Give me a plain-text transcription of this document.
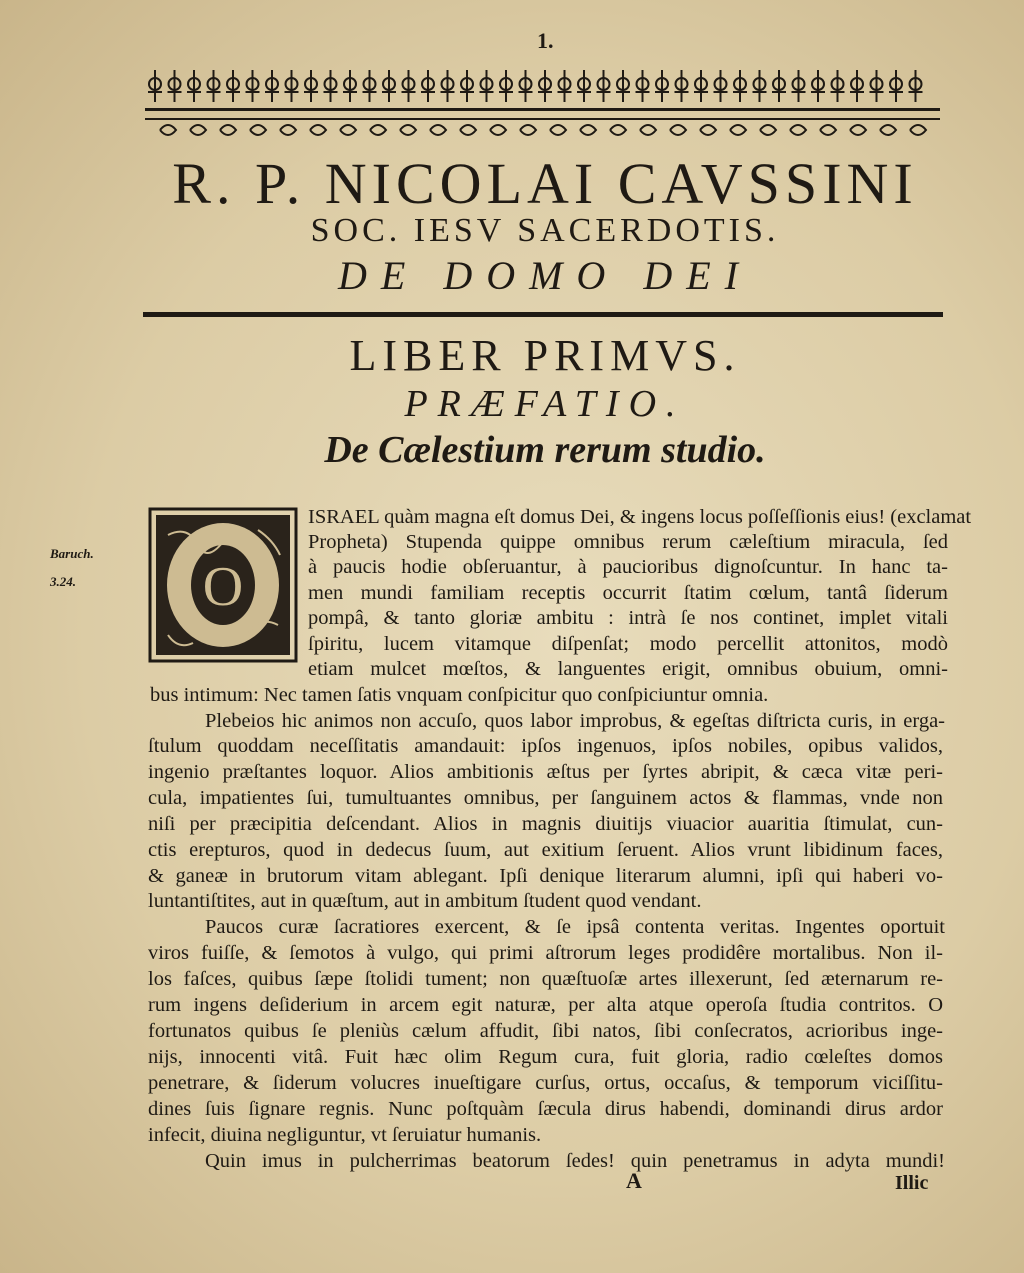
1.
R. P. NICOLAI CAVSSINI
SOC. IESV SACERDOTIS.
DE DOMO DEI
LIBER PRIMVS.
PRÆFATIO.
De Cælestium rerum studio.
Baruch.
3.24.	O
ISRAEL quàm magna eſt domus Dei, & ingens locus poſſeſſionis eius! (exclamat
Propheta) Stupenda quippe omnibus rerum cæleſtium miracula, ſed
à paucis hodie obſeruantur, à paucioribus dignoſcuntur. In hanc ta-
men mundi familiam receptis occurrit ſtatim cœlum, tantâ ſiderum
pompâ, & tanto gloriæ ambitu : intrà ſe nos continet, implet vitali
ſpiritu, lucem vitamque diſpenſat; modo percellit attonitos, modò
etiam mulcet mœſtos, & languentes erigit, omnibus obuium, omni-
bus intimum: Nec tamen ſatis vnquam conſpicitur quo conſpiciuntur omnia.
Plebeios hic animos non accuſo, quos labor improbus, & egeſtas diſtricta curis, in erga-
ſtulum quoddam neceſſitatis amandauit: ipſos ingenuos, ipſos nobiles, opibus validos,
ingenio præſtantes loquor. Alios ambitionis æſtus per ſyrtes abripit, & cæca vitæ peri-
cula, impatientes ſui, tumultuantes omnibus, per ſanguinem actos & flammas, vnde non
niſi per præcipitia deſcendant. Alios in magnis diuitijs viuacior auaritia ſtimulat, cun-
ctis erepturos, quod in dedecus ſuum, aut exitium ſeruent. Alios vrunt libidinum faces,
& ganeæ in brutorum vitam ablegant. Ipſi denique literarum alumni, ipſi qui haberi vo-
luntantiſtites, aut in quæſtum, aut in ambitum ſtudent quod vendant.
Paucos curæ ſacratiores exercent, & ſe ipsâ contenta veritas. Ingentes oportuit
viros fuiſſe, & ſemotos à vulgo, qui primi aſtrorum leges prodidêre mortalibus. Non il-
los faſces, quibus ſæpe ſtolidi tument; non quæſtuoſæ artes illexerunt, ſed æternarum re-
rum ingens deſiderium in arcem egit naturæ, per alta atque operoſa ſtudia contritos. O
fortunatos quibus ſe pleniùs cælum affudit, ſibi natos, ſibi conſecratos, acrioribus inge-
nijs, innocenti vitâ. Fuit hæc olim Regum cura, fuit gloria, radio cœleſtes domos
penetrare, & ſiderum volucres inueſtigare curſus, ortus, occaſus, & temporum viciſſitu-
dines ſuis ſignare regnis. Nunc poſtquàm ſæcula dirus habendi, dominandi dirus ardor
infecit, diuina negliguntur, vt ſeruiatur humanis.
Quin imus in pulcherrimas beatorum ſedes! quin penetramus in adyta mundi!
A	Illic
